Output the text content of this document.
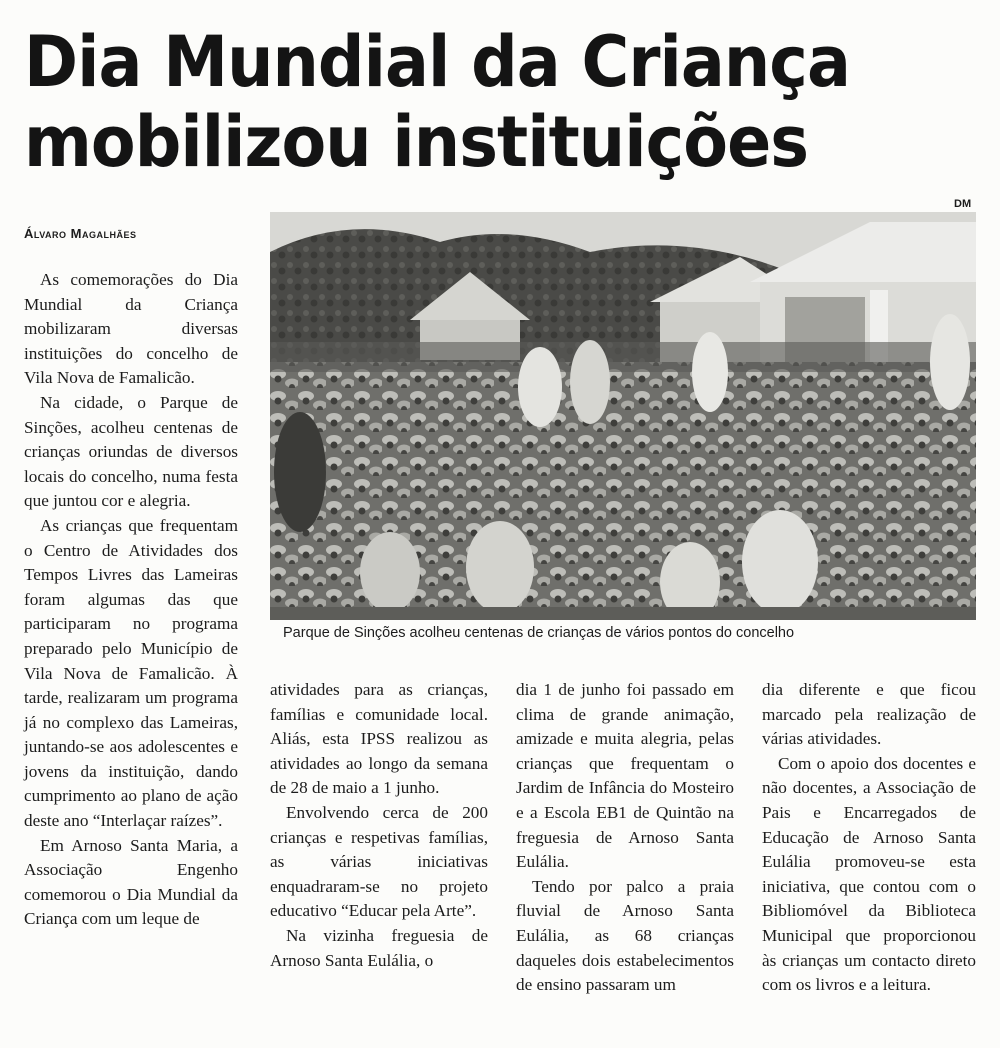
Dia Mundial da Criança
mobilizou instituições
Álvaro Magalhães
DM
Parque de Sinções acolheu centenas de crianças de vários pontos do concelho

As comemorações do Dia Mundial da Criança mobilizaram diversas instituições do concelho de Vila Nova de Famalicão.

Na cidade, o Parque de Sinções, acolheu centenas de crianças oriundas de diversos locais do concelho, numa festa que juntou cor e alegria.

As crianças que frequentam o Centro de Atividades dos Tempos Livres das Lameiras foram algumas das que participaram no programa preparado pelo Município de Vila Nova de Famalicão. À tarde, realizaram um programa já no complexo das Lameiras, juntando-se aos adolescentes e jovens da instituição, dando cumprimento ao plano de ação deste ano “Interlaçar raízes”.

Em Arnoso Santa Maria, a Associação Engenho comemorou o Dia Mundial da Criança com um leque de

atividades para as crianças, famílias e comunidade local. Aliás, esta IPSS realizou as atividades ao longo da semana de 28 de maio a 1 junho.

Envolvendo cerca de 200 crianças e respetivas famílias, as várias iniciativas enquadraram-se no projeto educativo “Educar pela Arte”.

Na vizinha freguesia de Arnoso Santa Eulália, o

dia 1 de junho foi passado em clima de grande animação, amizade e muita alegria, pelas crianças que frequentam o Jardim de Infância do Mosteiro e a Escola EB1 de Quintão na freguesia de Arnoso Santa Eulália.

Tendo por palco a praia fluvial de Arnoso Santa Eulália, as 68 crianças daqueles dois estabelecimentos de ensino passaram um

dia diferente e que ficou marcado pela realização de várias atividades.

Com o apoio dos docentes e não docentes, a Associação de Pais e Encarregados de Educação de Arnoso Santa Eulália promoveu-se esta iniciativa, que contou com o Bibliomóvel da Biblioteca Municipal que proporcionou às crianças um contacto direto com os livros e a leitura.
